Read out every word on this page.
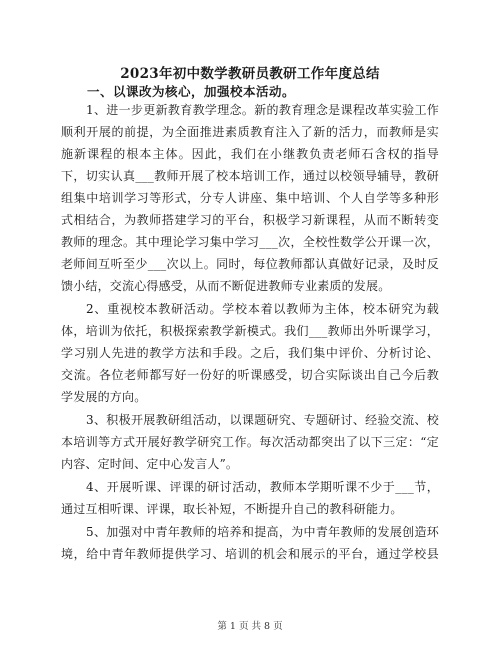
2023年初中数学教研员教研工作年度总结
一、以课改为核心，加强校本活动。
1、进一步更新教育教学理念。新的教育理念是课程改革实验工作
顺利开展的前提，为全面推进素质教育注入了新的活力，而教师是实
施新课程的根本主体。因此，我们在小继教负责老师石含权的指导
下，切实认真___教师开展了校本培训工作，通过以校领导辅导，教研
组集中培训学习等形式，分专人讲座、集中培训、个人自学等多种形
式相结合，为教师搭建学习的平台，积极学习新课程，从而不断转变
教师的理念。其中理论学习集中学习___次，全校性数学公开课一次，
老师间互听至少___次以上。同时，每位教师都认真做好记录，及时反
馈小结，交流心得感受，从而不断促进教师专业素质的发展。
2、重视校本教研活动。学校本着以教师为主体，校本研究为载
体，培训为依托，积极探索教学新模式。我们___教师出外听课学习，
学习别人先进的教学方法和手段。之后，我们集中评价、分析讨论、
交流。各位老师都写好一份好的听课感受，切合实际谈出自己今后教
学发展的方向。
3、积极开展教研组活动，以课题研究、专题研讨、经验交流、校
本培训等方式开展好教学研究工作。每次活动都突出了以下三定：“定
内容、定时间、定中心发言人”。
4、开展听课、评课的研讨活动，教师本学期听课不少于___节，
通过互相听课、评课，取长补短，不断提升自己的教科研能力。
5、加强对中青年教师的培养和提高，为中青年教师的发展创造环
境，给中青年教师提供学习、培训的机会和展示的平台，通过学校县
第 1 页 共 8 页
